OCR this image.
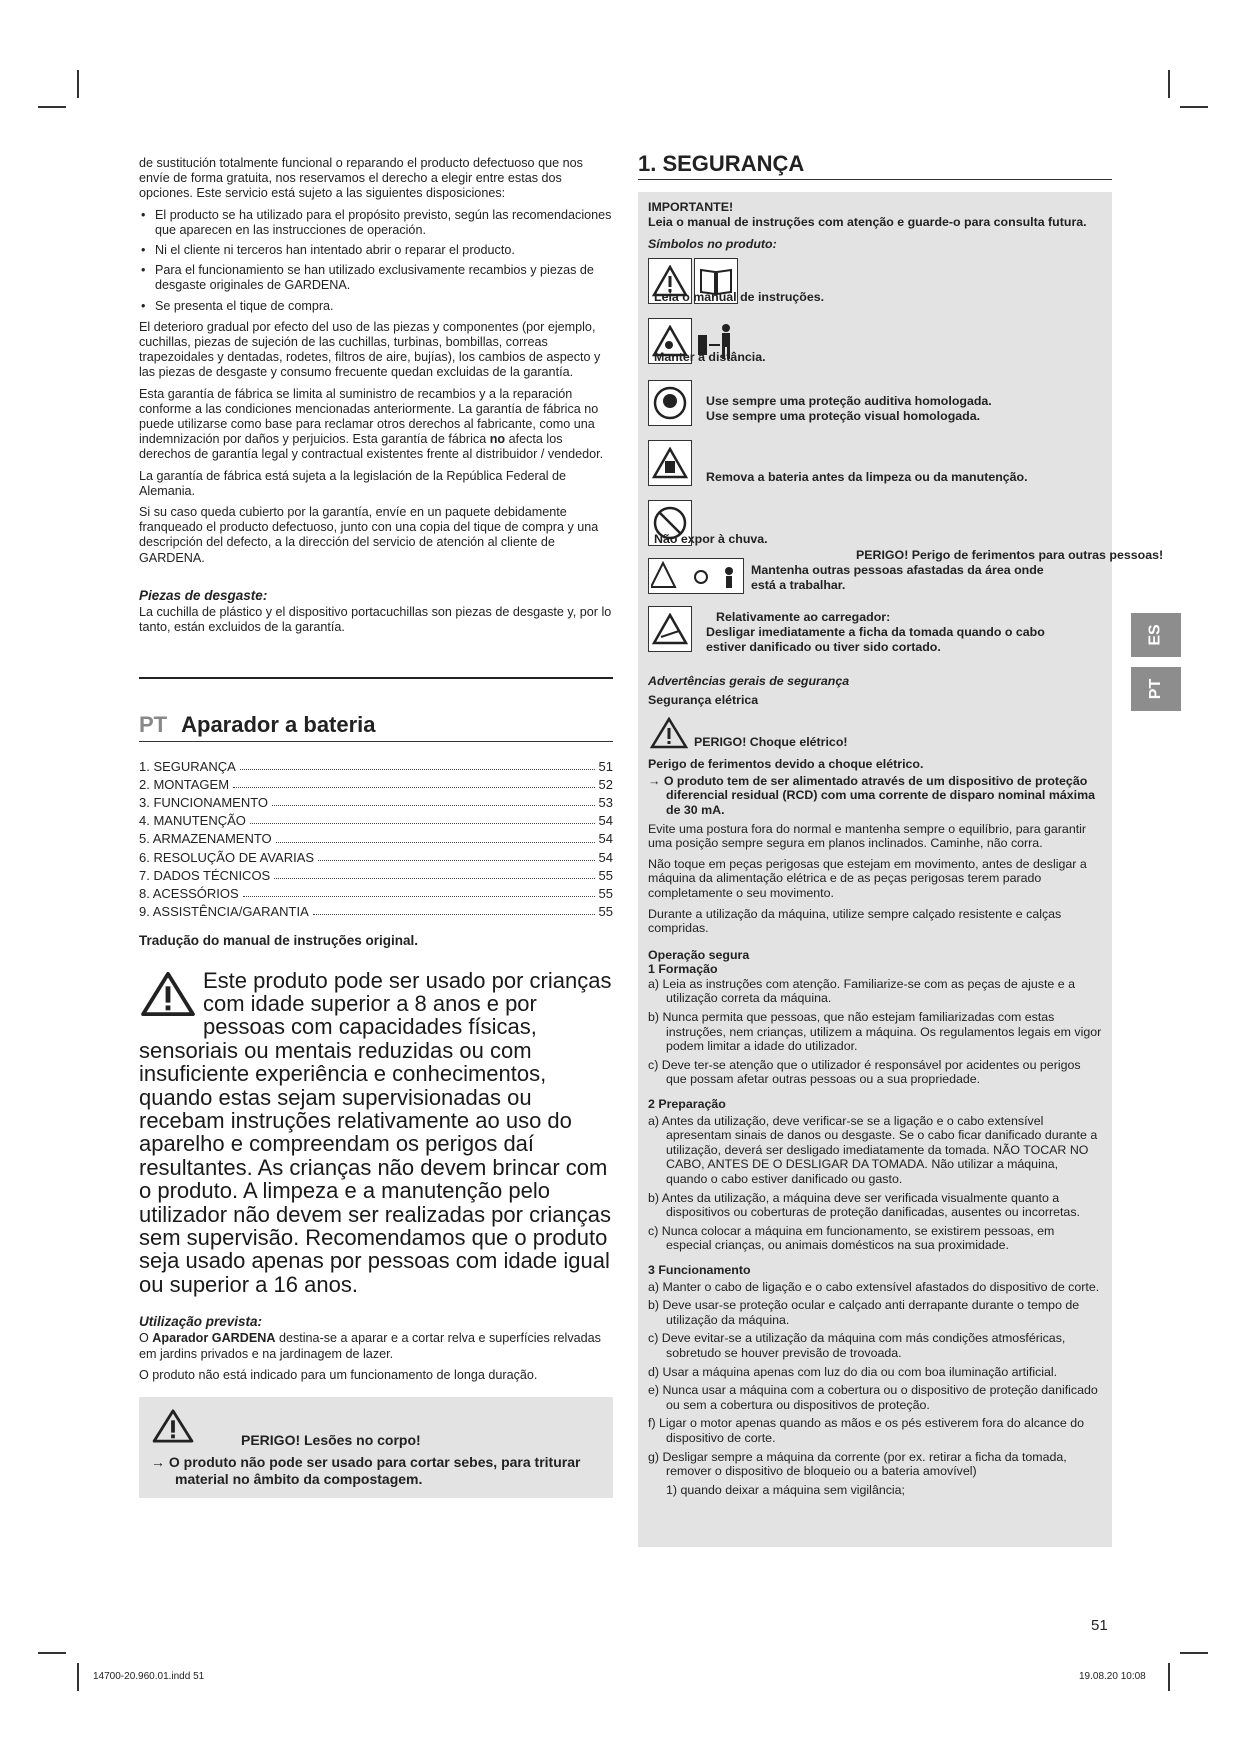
de sustitución totalmente funcional o reparando el producto defectuoso que nos envíe de forma gratuita, nos reservamos el derecho a elegir entre estas dos opciones. Este servicio está sujeto a las siguientes disposiciones:

• El producto se ha utilizado para el propósito previsto, según las recomendaciones que aparecen en las instrucciones de operación.
• Ni el cliente ni terceros han intentado abrir o reparar el producto.
• Para el funcionamiento se han utilizado exclusivamente recambios y piezas de desgaste originales de GARDENA.
• Se presenta el tique de compra.

El deterioro gradual por efecto del uso de las piezas y componentes (por ejemplo, cuchillas, piezas de sujeción de las cuchillas, turbinas, bombillas, correas trapezoidales y dentadas, rodetes, filtros de aire, bujías), los cambios de aspecto y las piezas de desgaste y consumo frecuente quedan excluidas de la garantía.

Esta garantía de fábrica se limita al suministro de recambios y a la reparación conforme a las condiciones mencionadas anteriormente. La garantía de fábrica no puede utilizarse como base para reclamar otros derechos al fabricante, como una indemnización por daños y perjuicios. Esta garantía de fábrica no afecta los derechos de garantía legal y contractual existentes frente al distribuidor / vendedor.

La garantía de fábrica está sujeta a la legislación de la República Federal de Alemania.

Si su caso queda cubierto por la garantía, envíe en un paquete debidamente franqueado el producto defectuoso, junto con una copia del tique de compra y una descripción del defecto, a la dirección del servicio de atención al cliente de GARDENA.

Piezas de desgaste:

La cuchilla de plástico y el dispositivo portacuchillas son piezas de desgaste y, por lo tanto, están excluidos de la garantía.

PT Aparador a bateria
1. SEGURANÇA	51
2. MONTAGEM	52
3. FUNCIONAMENTO	53
4. MANUTENÇÃO	54
5. ARMAZENAMENTO	54
6. RESOLUÇÃO DE AVARIAS	54
7. DADOS TÉCNICOS	55
8. ACESSÓRIOS	55
9. ASSISTÊNCIA/GARANTIA	55
Tradução do manual de instruções original.
Este produto pode ser usado por crianças com idade superior a 8 anos e por pessoas com capacidades físicas, sensoriais ou mentais reduzidas ou com insuficiente experiência e conhecimentos, quando estas sejam supervisionadas ou recebam instruções relativamente ao uso do aparelho e compreendam os perigos daí resultantes. As crianças não devem brincar com o produto. A limpeza e a manutenção pelo utilizador não devem ser realizadas por crianças sem supervisão. Recomendamos que o produto seja usado apenas por pessoas com idade igual ou superior a 16 anos.
Utilização prevista:

O Aparador GARDENA destina-se a aparar e a cortar relva e superfícies relvadas em jardins privados e na jardinagem de lazer.

O produto não está indicado para um funcionamento de longa duração.

PERIGO! Lesões no corpo!
→ O produto não pode ser usado para cortar sebes, para triturar material no âmbito da compostagem.
1. SEGURANÇA
IMPORTANTE!
Leia o manual de instruções com atenção e guarde-o para consulta futura.
Símbolos no produto:
Leia o manual de instruções.
Manter a distância.
Use sempre uma proteção auditiva homologada.
Use sempre uma proteção visual homologada.
Remova a bateria antes da limpeza ou da manutenção.
Não expor à chuva.
PERIGO! Perigo de ferimentos para outras pessoas!
Mantenha outras pessoas afastadas da área onde está a trabalhar.
Relativamente ao carregador:
Desligar imediatamente a ficha da tomada quando o cabo estiver danificado ou tiver sido cortado.
Advertências gerais de segurança
Segurança elétrica
PERIGO! Choque elétrico!
Perigo de ferimentos devido a choque elétrico.
→ O produto tem de ser alimentado através de um dispositivo de proteção diferencial residual (RCD) com uma corrente de disparo nominal máxima de 30 mA.

Evite uma postura fora do normal e mantenha sempre o equilíbrio, para garantir uma posição sempre segura em planos inclinados. Caminhe, não corra.

Não toque em peças perigosas que estejam em movimento, antes de desligar a máquina da alimentação elétrica e de as peças perigosas terem parado completamente o seu movimento.

Durante a utilização da máquina, utilize sempre calçado resistente e calças compridas.

Operação segura
1 Formação
a) Leia as instruções com atenção. Familiarize-se com as peças de ajuste e a utilização correta da máquina.
b) Nunca permita que pessoas, que não estejam familiarizadas com estas instruções, nem crianças, utilizem a máquina. Os regulamentos legais em vigor podem limitar a idade do utilizador.
c) Deve ter-se atenção que o utilizador é responsável por acidentes ou perigos que possam afetar outras pessoas ou a sua propriedade.
2 Preparação
a) Antes da utilização, deve verificar-se se a ligação e o cabo extensível apresentam sinais de danos ou desgaste. Se o cabo ficar danificado durante a utilização, deverá ser desligado imediatamente da tomada. NÃO TOCAR NO CABO, ANTES DE O DESLIGAR DA TOMADA. Não utilizar a máquina, quando o cabo estiver danificado ou gasto.
b) Antes da utilização, a máquina deve ser verificada visualmente quanto a dispositivos ou coberturas de proteção danificadas, ausentes ou incorretas.
c) Nunca colocar a máquina em funcionamento, se existirem pessoas, em especial crianças, ou animais domésticos na sua proximidade.
3 Funcionamento
a) Manter o cabo de ligação e o cabo extensível afastados do dispositivo de corte.
b) Deve usar-se proteção ocular e calçado anti derrapante durante o tempo de utilização da máquina.
c) Deve evitar-se a utilização da máquina com más condições atmosféricas, sobretudo se houver previsão de trovoada.
d) Usar a máquina apenas com luz do dia ou com boa iluminação artificial.
e) Nunca usar a máquina com a cobertura ou o dispositivo de proteção danificado ou sem a cobertura ou dispositivos de proteção.
f) Ligar o motor apenas quando as mãos e os pés estiverem fora do alcance do dispositivo de corte.
g) Desligar sempre a máquina da corrente (por ex. retirar a ficha da tomada, remover o dispositivo de bloqueio ou a bateria amovível)
1) quando deixar a máquina sem vigilância;
ES
PT
51
14700-20.960.01.indd 51	19.08.20 10:08
